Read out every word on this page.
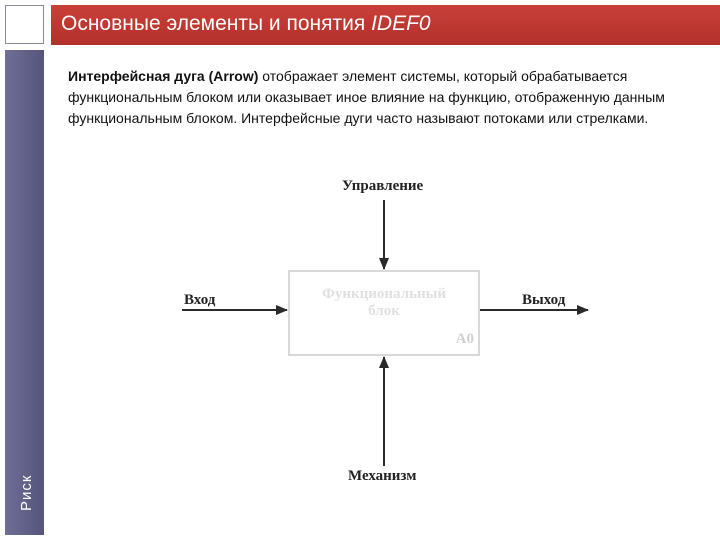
Основные элементы и понятия IDEF0
Риск
Интерфейсная дуга (Arrow) отображает элемент системы, который обрабатывается функциональным блоком или оказывает иное влияние на функцию, отображенную данным функциональным блоком. Интерфейсные дуги часто называют потоками или стрелками.
Управление
Вход	Выход
Механизм
Функциональный
блок
A0
